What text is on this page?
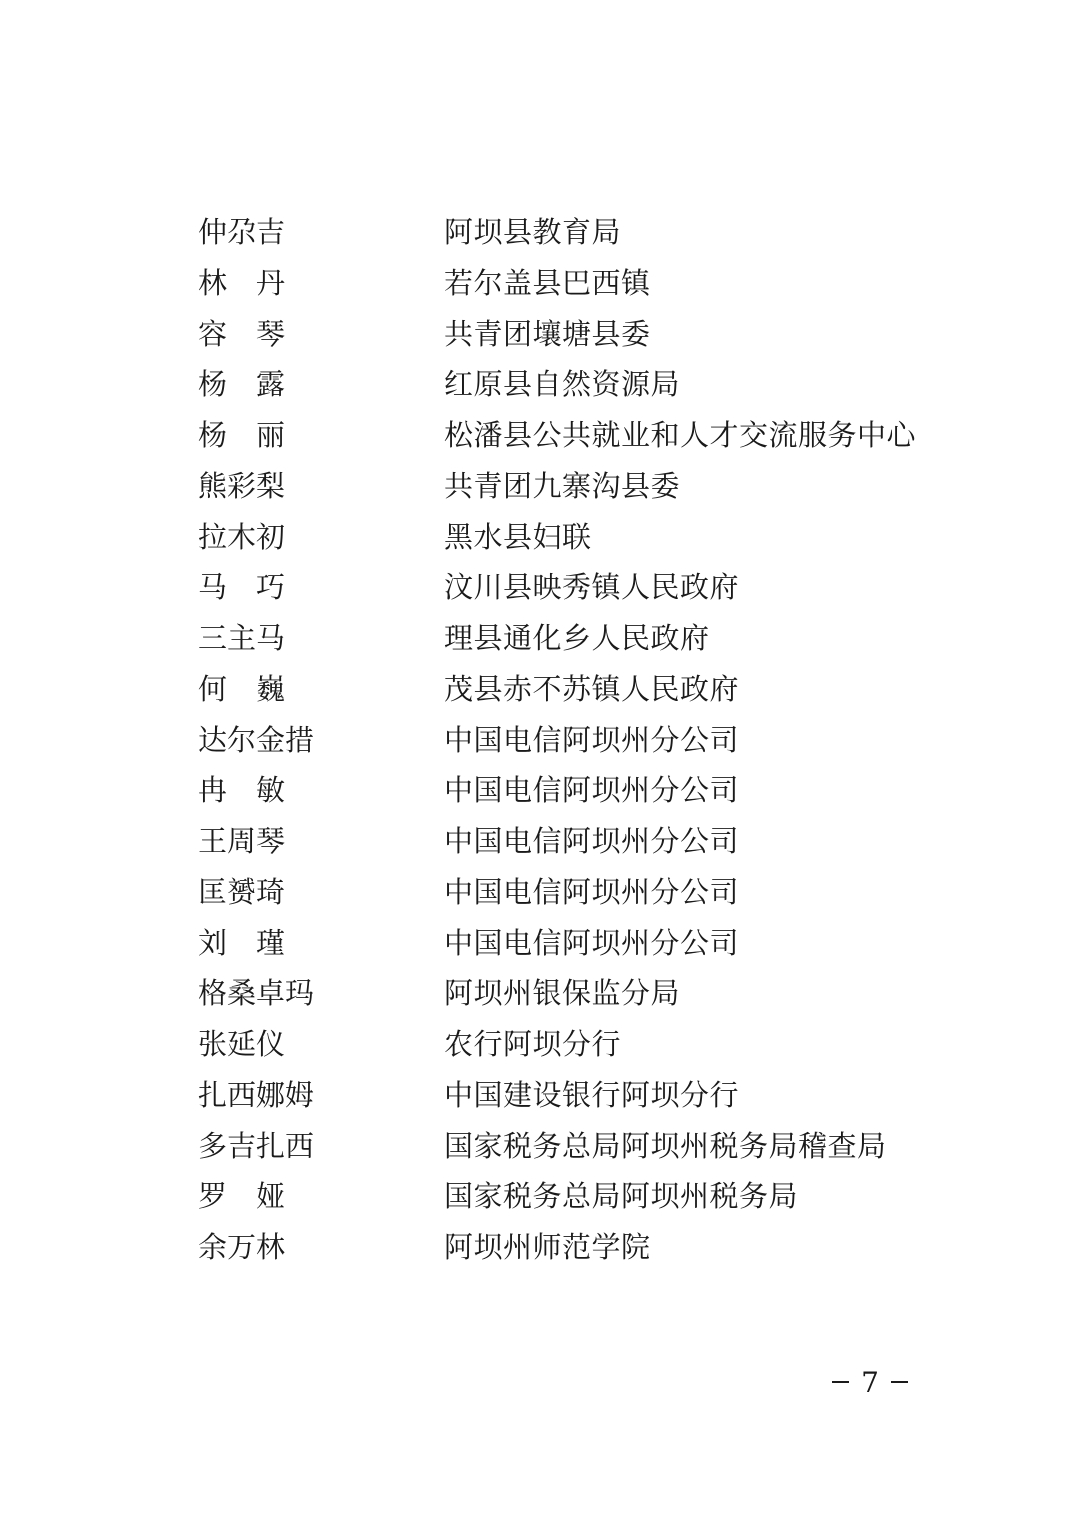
仲尕吉	阿坝县教育局
林　丹	若尔盖县巴西镇
容　琴	共青团壤塘县委
杨　露	红原县自然资源局
杨　丽	松潘县公共就业和人才交流服务中心
熊彩梨	共青团九寨沟县委
拉木初	黑水县妇联
马　巧	汶川县映秀镇人民政府
三主马	理县通化乡人民政府
何　巍	茂县赤不苏镇人民政府
达尔金措	中国电信阿坝州分公司
冉　敏	中国电信阿坝州分公司
王周琴	中国电信阿坝州分公司
匡赟琦	中国电信阿坝州分公司
刘　瑾	中国电信阿坝州分公司
格桑卓玛	阿坝州银保监分局
张延仪	农行阿坝分行
扎西娜姆	中国建设银行阿坝分行
多吉扎西	国家税务总局阿坝州税务局稽查局
罗　娅	国家税务总局阿坝州税务局
余万林	阿坝州师范学院
7
